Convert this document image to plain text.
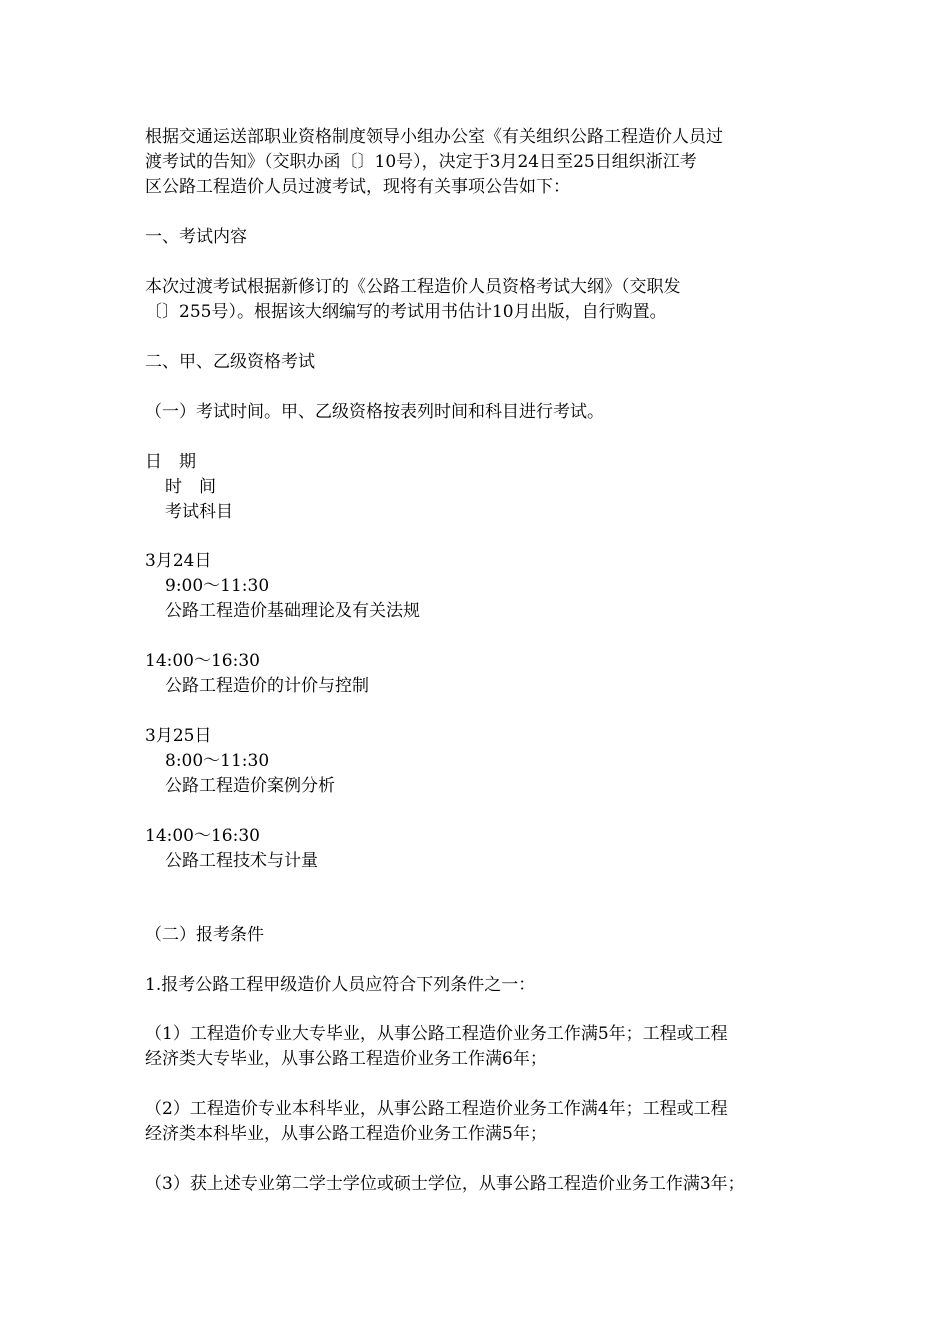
根据交通运送部职业资格制度领导小组办公室《有关组织公路工程造价人员过
渡考试的告知》（交职办函〔〕10号），决定于3月24日至25日组织浙江考
区公路工程造价人员过渡考试，现将有关事项公告如下：

一、考试内容

本次过渡考试根据新修订的《公路工程造价人员资格考试大纲》（交职发
〔〕255号）。根据该大纲编写的考试用书估计10月出版，自行购置。

二、甲、乙级资格考试

（一）考试时间。甲、乙级资格按表列时间和科目进行考试。

日　期

时　间

考试科目

3月24日

9:00～11:30

公路工程造价基础理论及有关法规

14:00～16:30

公路工程造价的计价与控制

3月25日

8:00～11:30

公路工程造价案例分析

14:00～16:30

公路工程技术与计量

（二）报考条件

1.报考公路工程甲级造价人员应符合下列条件之一：

（1）工程造价专业大专毕业，从事公路工程造价业务工作满5年；工程或工程
经济类大专毕业，从事公路工程造价业务工作满6年；

（2）工程造价专业本科毕业，从事公路工程造价业务工作满4年；工程或工程
经济类本科毕业，从事公路工程造价业务工作满5年；

（3）获上述专业第二学士学位或硕士学位，从事公路工程造价业务工作满3年；
